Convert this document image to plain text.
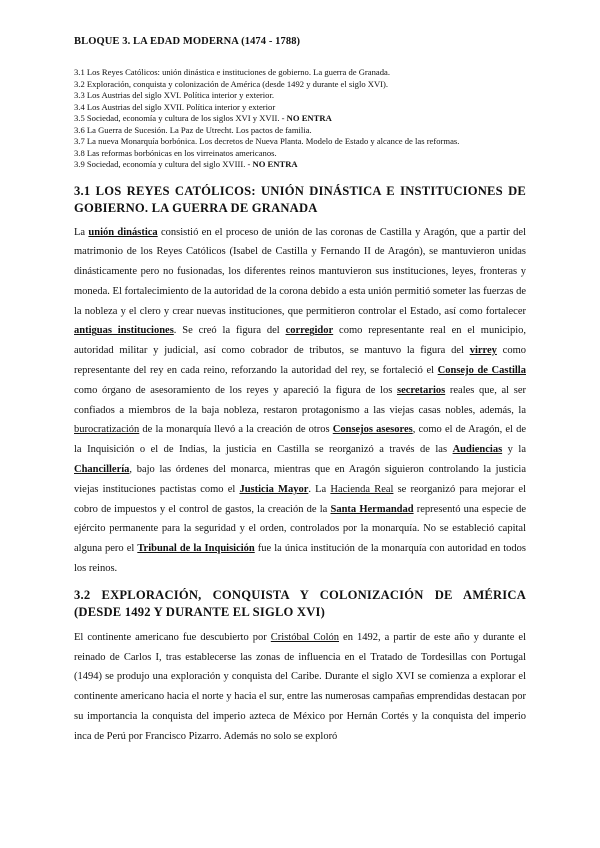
BLOQUE 3. LA EDAD MODERNA (1474 - 1788)
3.1 Los Reyes Católicos: unión dinástica e instituciones de gobierno. La guerra de Granada.
3.2 Exploración, conquista y colonización de América (desde 1492 y durante el siglo XVI).
3.3 Los Austrias del siglo XVI. Política interior y exterior.
3.4 Los Austrias del siglo XVII. Política interior y exterior
3.5 Sociedad, economía y cultura de los siglos XVI y XVII. - NO ENTRA
3.6 La Guerra de Sucesión. La Paz de Utrecht. Los pactos de familia.
3.7 La nueva Monarquía borbónica. Los decretos de Nueva Planta. Modelo de Estado y alcance de las reformas.
3.8 Las reformas borbónicas en los virreinatos americanos.
3.9 Sociedad, economía y cultura del siglo XVIII. - NO ENTRA
3.1 LOS REYES CATÓLICOS: UNIÓN DINÁSTICA E INSTITUCIONES DE GOBIERNO. LA GUERRA DE GRANADA

La unión dinástica consistió en el proceso de unión de las coronas de Castilla y Aragón, que a partir del matrimonio de los Reyes Católicos (Isabel de Castilla y Fernando II de Aragón), se mantuvieron unidas dinásticamente pero no fusionadas, los diferentes reinos mantuvieron sus instituciones, leyes, fronteras y moneda. El fortalecimiento de la autoridad de la corona debido a esta unión permitió someter las fuerzas de la nobleza y el clero y crear nuevas instituciones, que permitieron controlar el Estado, así como fortalecer antiguas instituciones. Se creó la figura del corregidor como representante real en el municipio, autoridad militar y judicial, así como cobrador de tributos, se mantuvo la figura del virrey como representante del rey en cada reino, reforzando la autoridad del rey, se fortaleció el Consejo de Castilla como órgano de asesoramiento de los reyes y apareció la figura de los secretarios reales que, al ser confiados a miembros de la baja nobleza, restaron protagonismo a las viejas casas nobles, además, la burocratización de la monarquía llevó a la creación de otros Consejos asesores, como el de Aragón, el de la Inquisición o el de Indias, la justicia en Castilla se reorganizó a través de las Audiencias y la Chancillería, bajo las órdenes del monarca, mientras que en Aragón siguieron controlando la justicia viejas instituciones pactistas como el Justicia Mayor. La Hacienda Real se reorganizó para mejorar el cobro de impuestos y el control de gastos, la creación de la Santa Hermandad representó una especie de ejército permanente para la seguridad y el orden, controlados por la monarquía. No se estableció capital alguna pero el Tribunal de la Inquisición fue la única institución de la monarquía con autoridad en todos los reinos.

3.2 EXPLORACIÓN, CONQUISTA Y COLONIZACIÓN DE AMÉRICA (DESDE 1492 Y DURANTE EL SIGLO XVI)

El continente americano fue descubierto por Cristóbal Colón en 1492, a partir de este año y durante el reinado de Carlos I, tras establecerse las zonas de influencia en el Tratado de Tordesillas con Portugal (1494) se produjo una exploración y conquista del Caribe. Durante el siglo XVI se comienza a explorar el continente americano hacia el norte y hacia el sur, entre las numerosas campañas emprendidas destacan por su importancia la conquista del imperio azteca de México por Hernán Cortés y la conquista del imperio inca de Perú por Francisco Pizarro. Además no solo se exploró
